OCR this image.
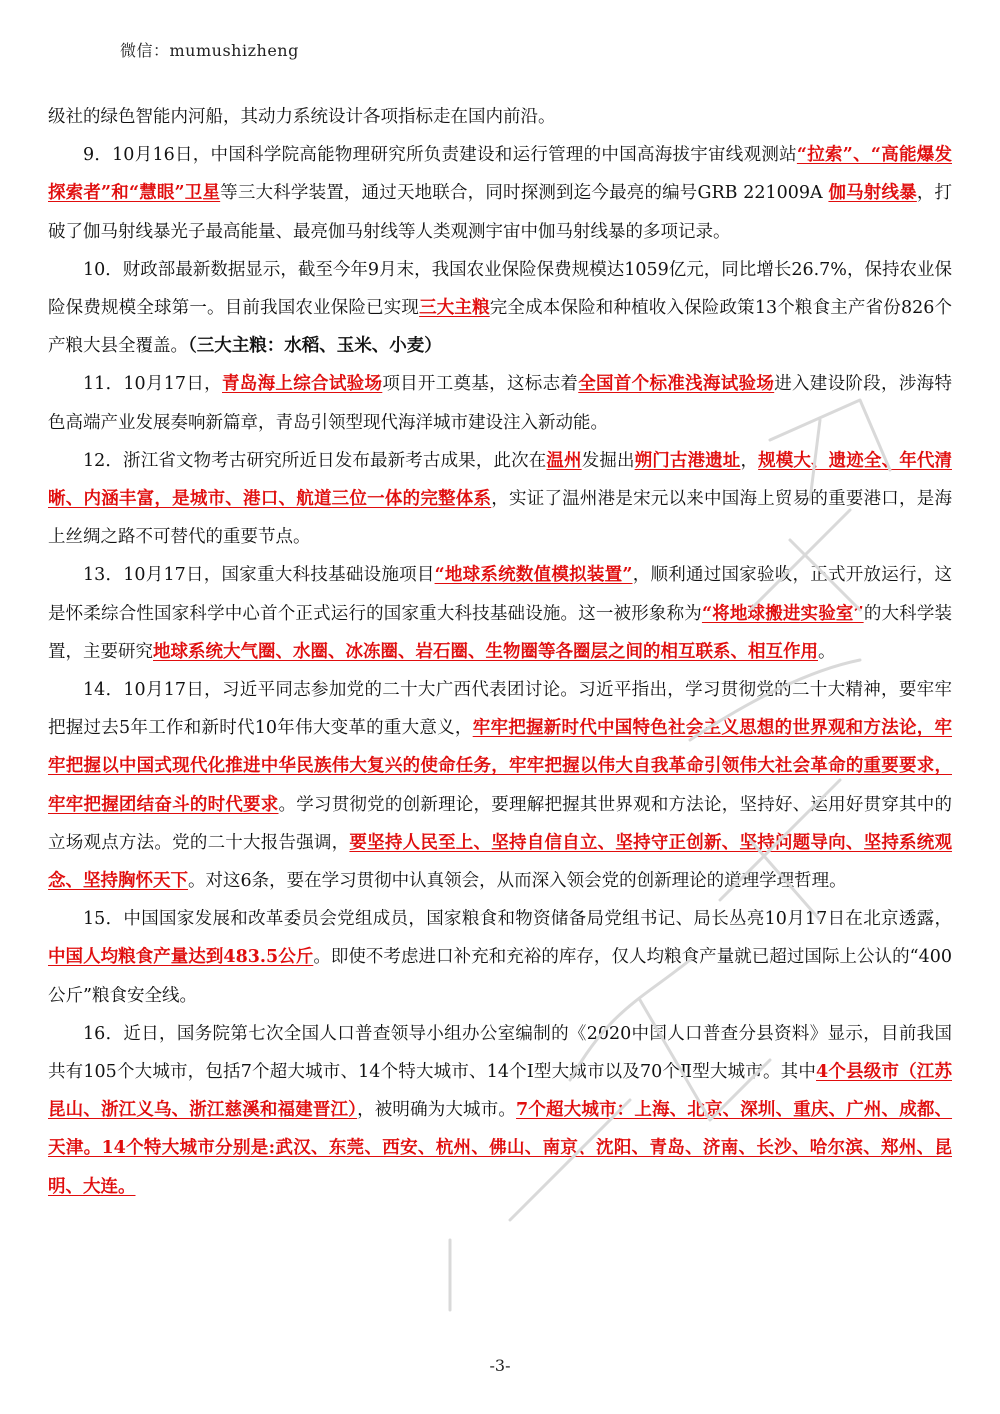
微信：mumushizheng

级社的绿色智能内河船，其动力系统设计各项指标走在国内前沿。

9．10月16日，中国科学院高能物理研究所负责建设和运行管理的中国高海拔宇宙线观测站“拉索”、“高能爆发探索者”和“慧眼”卫星等三大科学装置，通过天地联合，同时探测到迄今最亮的编号GRB 221009A 伽马射线暴，打破了伽马射线暴光子最高能量、最亮伽马射线等人类观测宇宙中伽马射线暴的多项记录。

10．财政部最新数据显示，截至今年9月末，我国农业保险保费规模达1059亿元，同比增长26.7%，保持农业保险保费规模全球第一。目前我国农业保险已实现三大主粮完全成本保险和种植收入保险政策13个粮食主产省份826个产粮大县全覆盖。（三大主粮：水稻、玉米、小麦）

11．10月17日，青岛海上综合试验场项目开工奠基，这标志着全国首个标准浅海试验场进入建设阶段，涉海特色高端产业发展奏响新篇章，青岛引领型现代海洋城市建设注入新动能。

12．浙江省文物考古研究所近日发布最新考古成果，此次在温州发掘出朔门古港遗址，规模大、遗迹全、年代清晰、内涵丰富，是城市、港口、航道三位一体的完整体系，实证了温州港是宋元以来中国海上贸易的重要港口，是海上丝绸之路不可替代的重要节点。

13．10月17日，国家重大科技基础设施项目“地球系统数值模拟装置”，顺利通过国家验收，正式开放运行，这是怀柔综合性国家科学中心首个正式运行的国家重大科技基础设施。这一被形象称为“将地球搬进实验室”的大科学装置，主要研究地球系统大气圈、水圈、冰冻圈、岩石圈、生物圈等各圈层之间的相互联系、相互作用。

14．10月17日，习近平同志参加党的二十大广西代表团讨论。习近平指出，学习贯彻党的二十大精神，要牢牢把握过去5年工作和新时代10年伟大变革的重大意义，牢牢把握新时代中国特色社会主义思想的世界观和方法论，牢牢把握以中国式现代化推进中华民族伟大复兴的使命任务，牢牢把握以伟大自我革命引领伟大社会革命的重要要求，牢牢把握团结奋斗的时代要求。学习贯彻党的创新理论，要理解把握其世界观和方法论，坚持好、运用好贯穿其中的立场观点方法。党的二十大报告强调，要坚持人民至上、坚持自信自立、坚持守正创新、坚持问题导向、坚持系统观念、坚持胸怀天下。对这6条，要在学习贯彻中认真领会，从而深入领会党的创新理论的道理学理哲理。

15．中国国家发展和改革委员会党组成员，国家粮食和物资储备局党组书记、局长丛亮10月17日在北京透露，中国人均粮食产量达到483.5公斤。即使不考虑进口补充和充裕的库存，仅人均粮食产量就已超过国际上公认的“400公斤”粮食安全线。

16．近日，国务院第七次全国人口普查领导小组办公室编制的《2020中国人口普查分县资料》显示，目前我国共有105个大城市，包括7个超大城市、14个特大城市、14个Ⅰ型大城市以及70个Ⅱ型大城市。其中4个县级市（江苏昆山、浙江义乌、浙江慈溪和福建晋江），被明确为大城市。7个超大城市：上海、北京、深圳、重庆、广州、成都、天津。14个特大城市分别是:武汉、东莞、西安、杭州、佛山、南京、沈阳、青岛、济南、长沙、哈尔滨、郑州、昆明、大连。

-3-
